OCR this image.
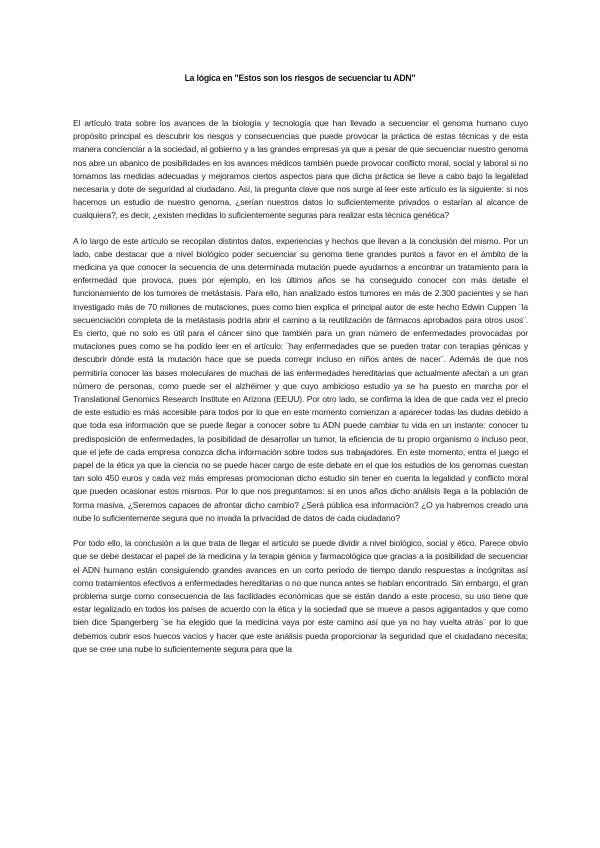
La lógica en "Estos son los riesgos de secuenciar tu ADN"

El artículo trata sobre los avances de la biología y tecnología que han llevado a secuenciar el genoma humano cuyo propósito principal es descubrir los riesgos y consecuencias que puede provocar la práctica de estas técnicas y de esta manera concienciar a la sociedad, al gobierno y a las grandes empresas ya que a pesar de que secuenciar nuestro genoma nos abre un abanico de posibilidades en los avances médicos también puede provocar conflicto moral, social y laboral si no tomamos las medidas adecuadas y mejoramos ciertos aspectos para que dicha práctica se lleve a cabo bajo la legalidad necesaria y dote de seguridad al ciudadano. Así, la pregunta clave que nos surge al leer este artículo es la siguiente: si nos hacemos un estudio de nuestro genoma, ¿serían nuestros datos lo suficientemente privados o estarían al alcance de cualquiera?, es decir, ¿existen medidas lo suficientemente seguras para realizar esta técnica genética?

A lo largo de este artículo se recopilan distintos datos, experiencias y hechos que llevan a la conclusión del mismo. Por un lado, cabe destacar que a nivel biológico poder secuenciar su genoma tiene grandes puntos a favor en el ámbito de la medicina ya que conocer la secuencia de una determinada mutación puede ayudarnos a encontrar un tratamiento para la enfermedad que provoca, pues por ejemplo, en los últimos años se ha conseguido conocer con más detalle el funcionamiento de los tumores de metástasis. Para ello, han analizado estos tumores en más de 2.300 pacientes y se han investigado más de 70 millones de mutaciones, pues como bien explica el principal autor de este hecho Edwin Cuppen ¨la secuenciación completa de la metástasis podría abrir el camino a la reutilización de fármacos aprobados para otros usos¨. Es cierto, que no solo es útil para el cáncer sino que también para un gran número de enfermedades provocadas por mutaciones pues como se ha podido leer en el artículo: ¨hay enfermedades que se pueden tratar con terapias génicas y descubrir dónde está la mutación hace que se pueda corregir incluso en niños antes de nacer¨. Además de que nos permitiría conocer las bases moleculares de muchas de las enfermedades hereditarias que actualmente afectan a un gran número de personas, como puede ser el alzhéimer y que cuyo ambicioso estudio ya se ha puesto en marcha por el Translational Genomics Research Institute en Arizona (EEUU). Por otro lado, se confirma la idea de que cada vez el precio de este estudio es más accesible para todos por lo que en este momento comienzan a aparecer todas las dudas debido a que toda esa información que se puede llegar a conocer sobre tu ADN puede cambiar tu vida en un instante: conocer tu predisposición de enfermedades, la posibilidad de desarrollar un tumor, la eficiencia de tu propio organismo o incluso peor, que el jefe de cada empresa conozca dicha información sobre todos sus trabajadores. En este momento, entra el juego el papel de la ética ya que la ciencia no se puede hacer cargo de este debate en el que los estudios de los genomas cuestan tan solo 450 euros y cada vez más empresas promocionan dicho estudio sin tener en cuenta la legalidad y conflicto moral que pueden ocasionar estos mismos. Por lo que nos preguntamos: si en unos años dicho análisis llega a la población de forma masiva, ¿Seremos capaces de afrontar dicho cambio? ¿Será pública esa información? ¿O ya habremos creado una nube lo suficientemente segura que no invada la privacidad de datos de cada ciudadano?

Por todo ello, la conclusión a la que trata de llegar el artículo se puede dividir a nivel biológico, social y ético. Parece obvio que se debe destacar el papel de la medicina y la terapia génica y farmacológica que gracias a la posibilidad de secuenciar el ADN humano están consiguiendo grandes avances en un corto periodo de tiempo dando respuestas a incógnitas así como tratamientos efectivos a enfermedades hereditarias o no que nunca antes se habían encontrado. Sin embargo, el gran problema surge como consecuencia de las facilidades económicas que se están dando a este proceso, su uso tiene que estar legalizado en todos los países de acuerdo con la ética y la sociedad que se mueve a pasos agigantados y que como bien dice Spangerberg ¨se ha elegido que la medicina vaya por este camino así que ya no hay vuelta atrás¨ por lo que debemos cubrir esos huecos vacíos y hacer que este análisis pueda proporcionar la seguridad que el ciudadano necesita; que se cree una nube lo suficientemente segura para que la
